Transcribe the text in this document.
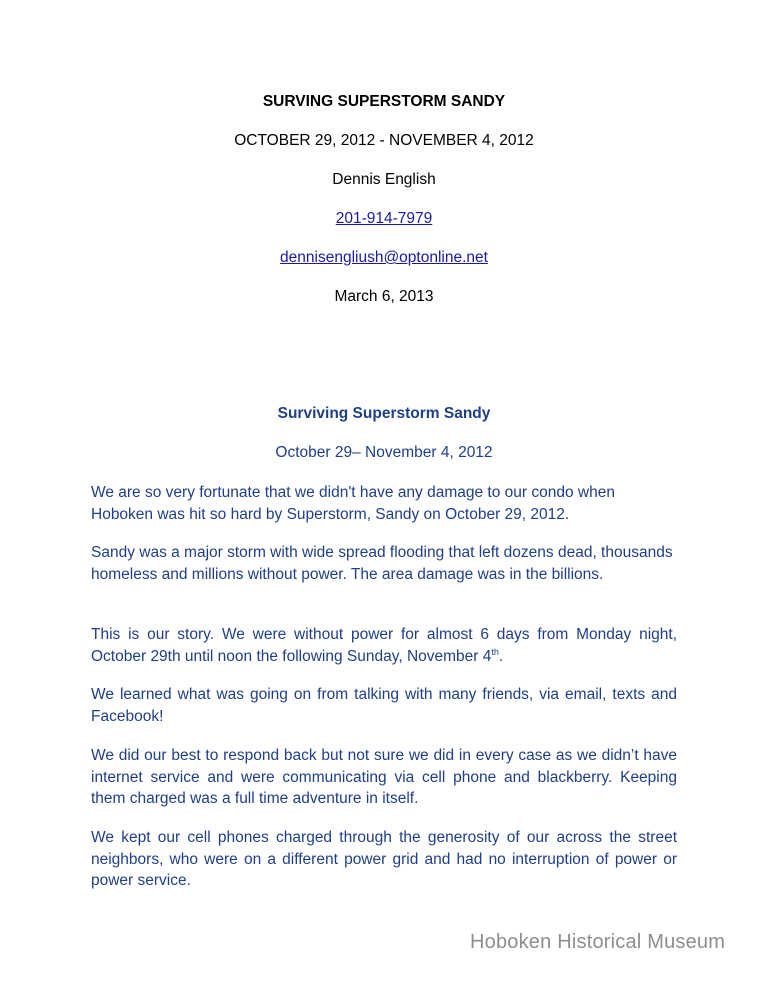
SURVING SUPERSTORM SANDY

OCTOBER 29, 2012 - NOVEMBER 4, 2012

Dennis English

201-914-7979

dennisengliush@optonline.net

March 6, 2013

Surviving Superstorm Sandy

October 29– November 4, 2012

We are so very fortunate that we didn't have any damage to our condo when Hoboken was hit so hard by Superstorm, Sandy on October 29, 2012.

Sandy was a major storm with wide spread flooding that left dozens dead, thousands homeless and millions without power. The area damage was in the billions.

This is our story. We were without power for almost 6 days from Monday night, October 29th until noon the following Sunday, November 4th.

We learned what was going on from talking with many friends, via email, texts and Facebook!

We did our best to respond back but not sure we did in every case as we didn’t have internet service and were communicating via cell phone and blackberry. Keeping them charged was a full time adventure in itself.

We kept our cell phones charged through the generosity of our across the street neighbors, who were on a different power grid and had no interruption of power or power service.

Hoboken Historical Museum
